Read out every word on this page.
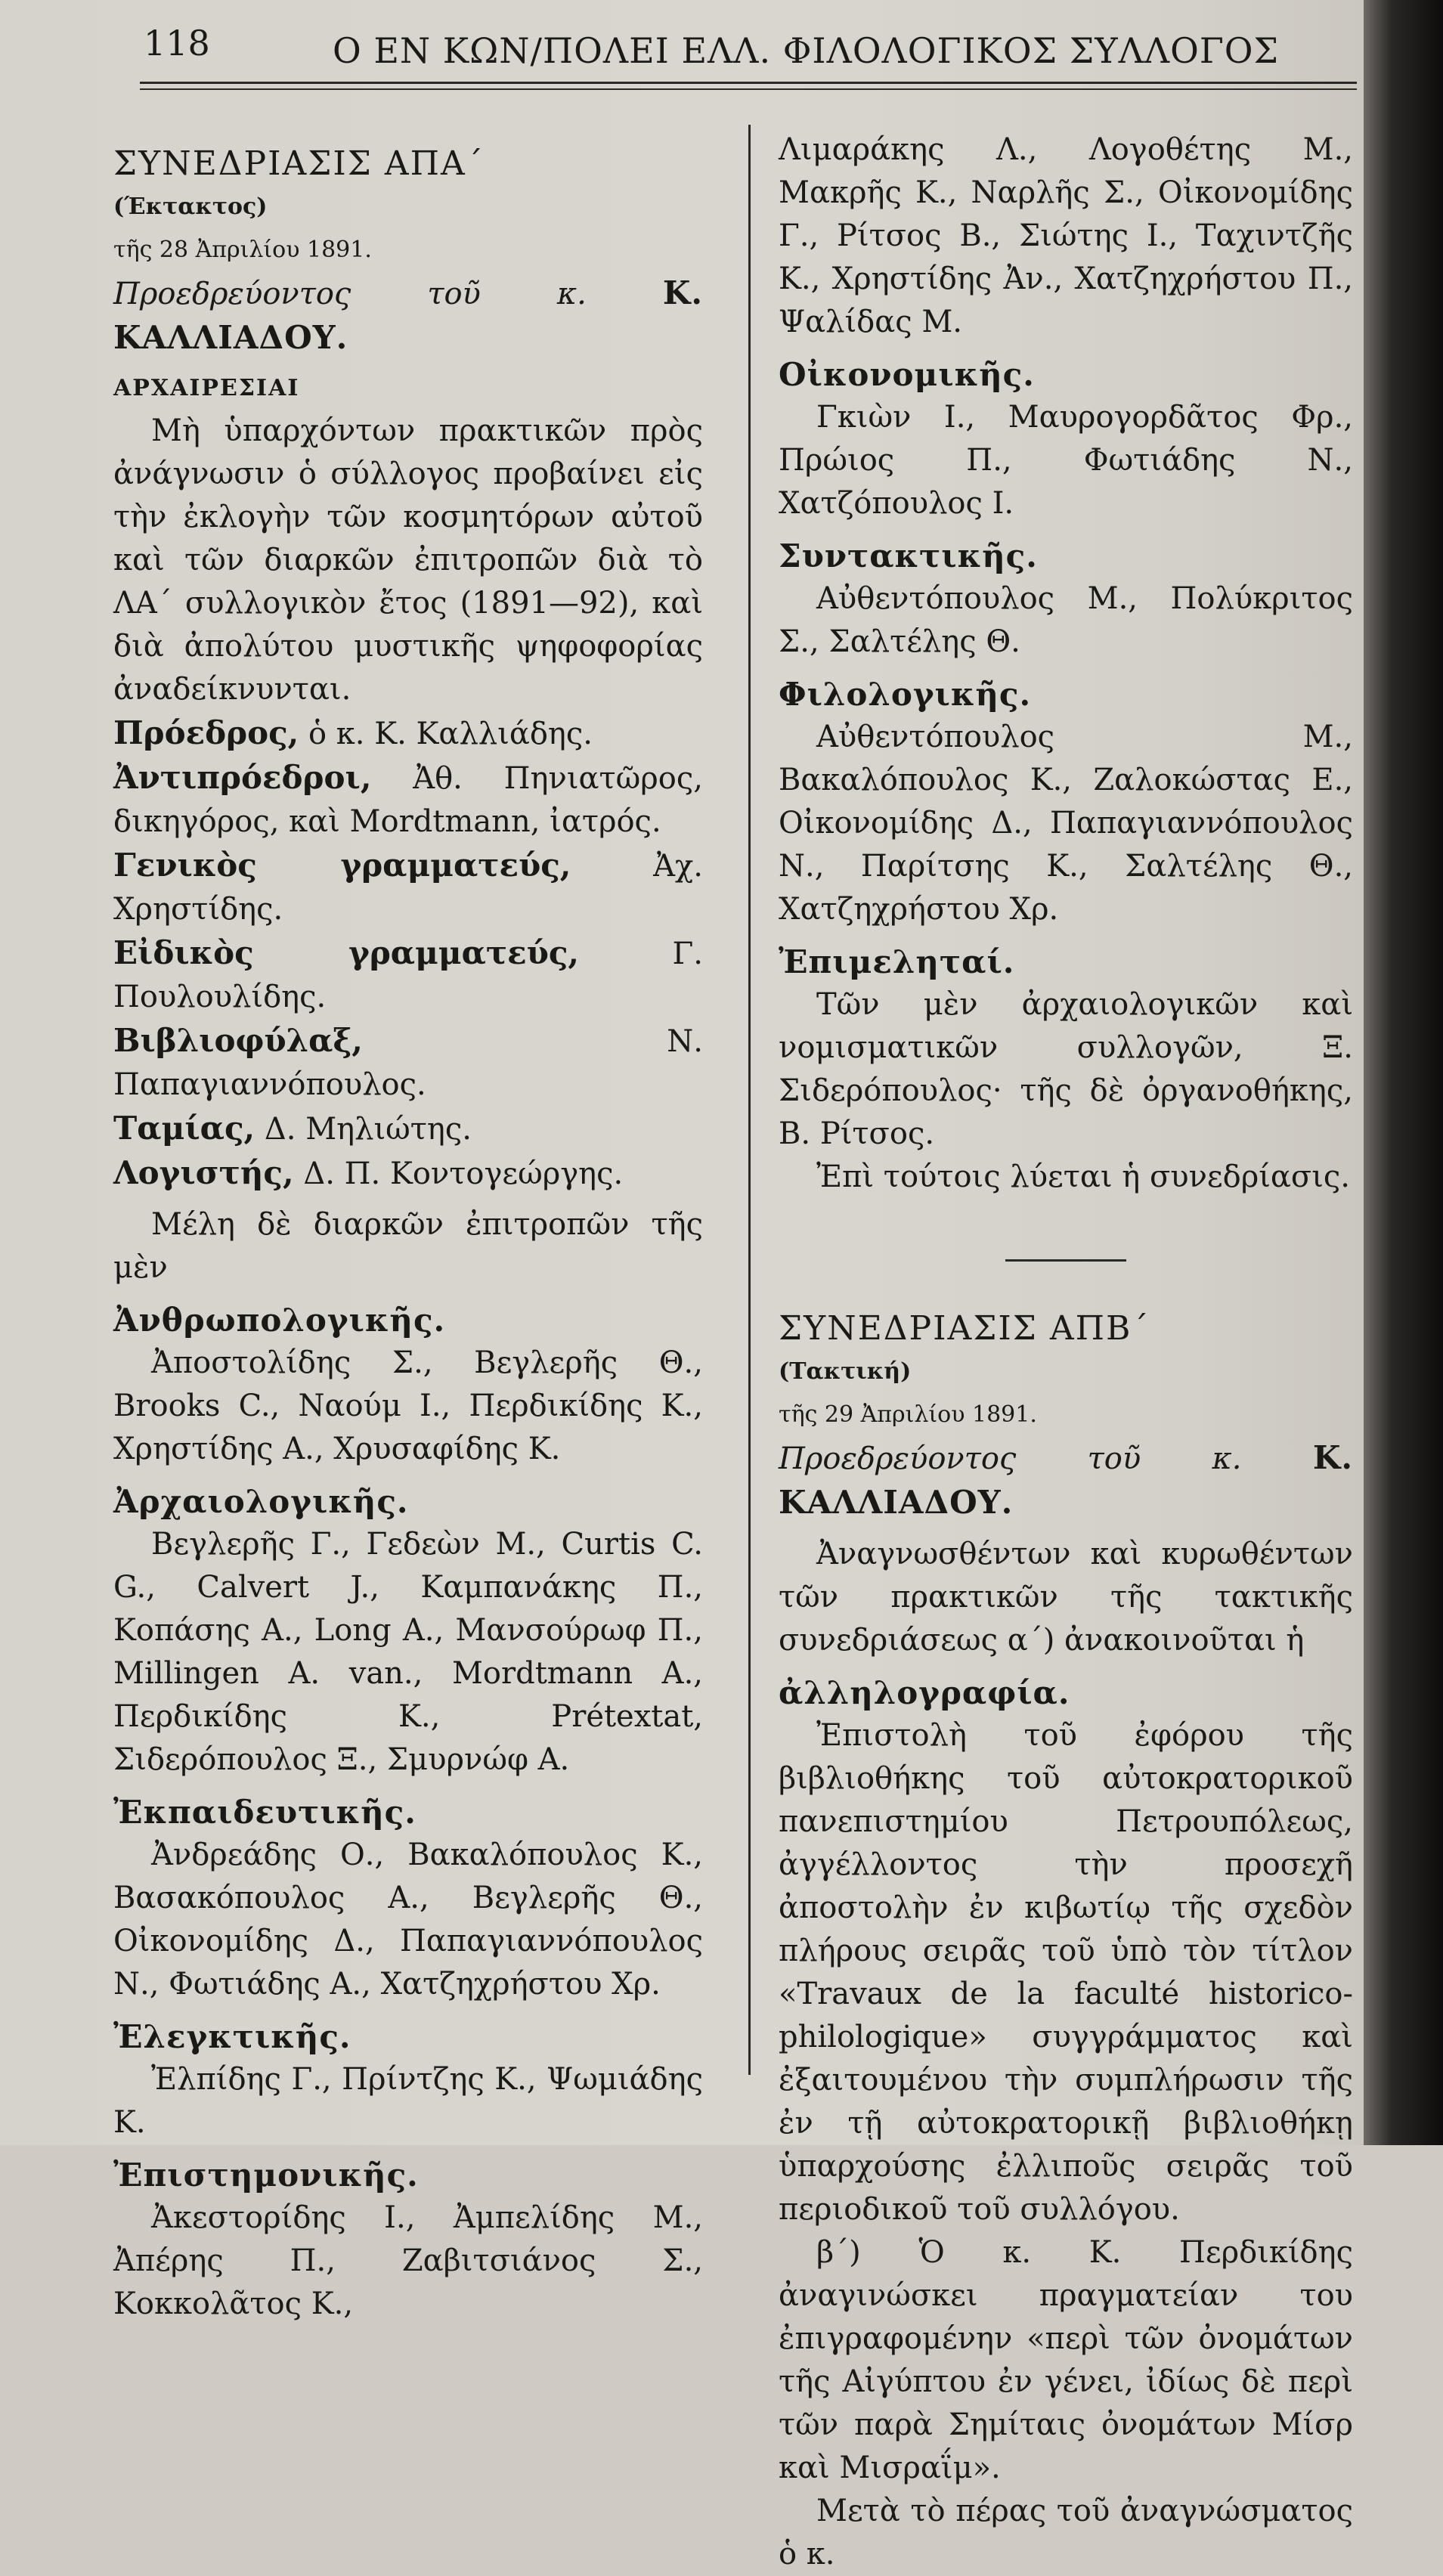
118	Ο ΕΝ ΚΩΝ/ΠΟΛΕΙ ΕΛΛ. ΦΙΛΟΛΟΓΙΚΟΣ ΣΥΛΛΟΓΟΣ

ΣΥΝΕΔΡΙΑΣΙΣ ΑΠΑ΄

(Έκτακτος)

τῆς 28 Ἀπριλίου 1891.

Προεδρεύοντος τοῦ κ. Κ. ΚΑΛΛΙΑΔΟΥ.

ΑΡΧΑΙΡΕΣΙΑΙ

Μὴ ὑπαρχόντων πρακτικῶν πρὸς ἀνάγνωσιν ὁ σύλλογος προβαίνει εἰς τὴν ἐκλογὴν τῶν κοσμητόρων αὐτοῦ καὶ τῶν διαρκῶν ἐπιτροπῶν διὰ τὸ ΛΑ΄ συλλογικὸν ἔτος (1891—92), καὶ διὰ ἀπολύτου μυστικῆς ψηφοφορίας ἀναδείκνυνται.

Πρόεδρος, ὁ κ. Κ. Καλλιάδης.

Ἀντιπρόεδροι, Ἀθ. Πηνιατῶρος, δικηγόρος, καὶ Mordtmann, ἰατρός.

Γενικὸς γραμματεύς, Ἀχ. Χρηστίδης.

Εἰδικὸς γραμματεύς, Γ. Πουλουλίδης.

Βιβλιοφύλαξ, Ν. Παπαγιαννόπουλος.

Ταμίας, Δ. Μηλιώτης.

Λογιστής, Δ. Π. Κοντογεώργης.

Μέλη δὲ διαρκῶν ἐπιτροπῶν τῆς μὲν

Ἀνθρωπολογικῆς.

Ἀποστολίδης Σ., Βεγλερῆς Θ., Brooks C., Ναούμ Ι., Περδικίδης Κ., Χρηστίδης Α., Χρυσαφίδης Κ.

Ἀρχαιολογικῆς.

Βεγλερῆς Γ., Γεδεὼν Μ., Curtis C. G., Calvert J., Καμπανάκης Π., Κοπάσης Α., Long A., Μανσούρωφ Π., Millingen A. van., Mordtmann A., Περδικίδης Κ., Prétextat, Σιδερόπουλος Ξ., Σμυρνώφ Α.

Ἐκπαιδευτικῆς.

Ἀνδρεάδης Ο., Βακαλόπουλος Κ., Βασακόπουλος Α., Βεγλερῆς Θ., Οἰκονομίδης Δ., Παπαγιαννόπουλος Ν., Φωτιάδης Α., Χατζηχρήστου Χρ.

Ἐλεγκτικῆς.

Ἐλπίδης Γ., Πρίντζης Κ., Ψωμιάδης Κ.

Ἐπιστημονικῆς.

Ἀκεστορίδης Ι., Ἀμπελίδης Μ., Ἀπέρης Π., Ζαβιτσιάνος Σ., Κοκκολᾶτος Κ.,

Λιμαράκης Λ., Λογοθέτης Μ., Μακρῆς Κ., Ναρλῆς Σ., Οἰκονομίδης Γ., Ρίτσος Β., Σιώτης Ι., Ταχιντζῆς Κ., Χρηστίδης Ἀν., Χατζηχρήστου Π., Ψαλίδας Μ.

Οἰκονομικῆς.

Γκιὼν Ι., Μαυρογορδᾶτος Φρ., Πρώιος Π., Φωτιάδης Ν., Χατζόπουλος Ι.

Συντακτικῆς.

Αὐθεντόπουλος Μ., Πολύκριτος Σ., Σαλτέλης Θ.

Φιλολογικῆς.

Αὐθεντόπουλος Μ., Βακαλόπουλος Κ., Ζαλοκώστας Ε., Οἰκονομίδης Δ., Παπαγιαννόπουλος Ν., Παρίτσης Κ., Σαλτέλης Θ., Χατζηχρήστου Χρ.

Ἐπιμεληταί.

Τῶν μὲν ἀρχαιολογικῶν καὶ νομισματικῶν συλλογῶν, Ξ. Σιδερόπουλος· τῆς δὲ ὀργανοθήκης, Β. Ρίτσος.

Ἐπὶ τούτοις λύεται ἡ συνεδρίασις.

ΣΥΝΕΔΡΙΑΣΙΣ ΑΠΒ΄

(Τακτική)

τῆς 29 Ἀπριλίου 1891.

Προεδρεύοντος τοῦ κ. Κ. ΚΑΛΛΙΑΔΟΥ.

Ἀναγνωσθέντων καὶ κυρωθέντων τῶν πρακτικῶν τῆς τακτικῆς συνεδριάσεως α΄) ἀνακοινοῦται ἡ

ἀλληλογραφία.

Ἐπιστολὴ τοῦ ἐφόρου τῆς βιβλιοθήκης τοῦ αὐτοκρατορικοῦ πανεπιστημίου Πετρουπόλεως, ἀγγέλλοντος τὴν προσεχῆ ἀποστολὴν ἐν κιβωτίῳ τῆς σχεδὸν πλήρους σειρᾶς τοῦ ὑπὸ τὸν τίτλον «Travaux de la faculté historico-philologique» συγγράμματος καὶ ἐξαιτουμένου τὴν συμπλήρωσιν τῆς ἐν τῇ αὐτοκρατορικῇ βιβλιοθήκῃ ὑπαρχούσης ἐλλιποῦς σειρᾶς τοῦ περιοδικοῦ τοῦ συλλόγου.

β΄) Ὁ κ. Κ. Περδικίδης ἀναγινώσκει πραγματείαν του ἐπιγραφομένην «περὶ τῶν ὀνομάτων τῆς Αἰγύπτου ἐν γένει, ἰδίως δὲ περὶ τῶν παρὰ Σημίταις ὀνομάτων Μίσρ καὶ Μισραΐμ».

Μετὰ τὸ πέρας τοῦ ἀναγνώσματος ὁ κ.
